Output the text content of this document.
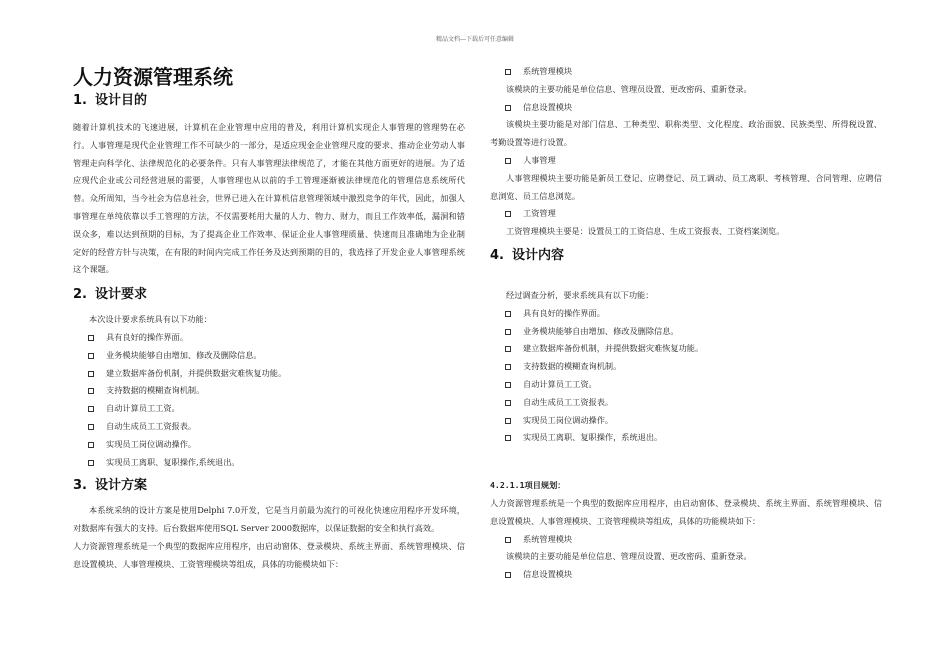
精品文档---下载后可任意编辑
人力资源管理系统
1. 设计目的
随着计算机技术的飞速进展，计算机在企业管理中应用的普及，利用计算机实现企人事管理的管理势在必行。人事管理是现代企业管理工作不可缺少的一部分，是适应现金企业管理尺度的要求、推动企业劳动人事管理走向科学化、法律规范化的必要条件。只有人事管理法律规范了，才能在其他方面更好的进展。为了适应现代企业或公司经营进展的需要，人事管理也从以前的手工管理逐渐被法律规范化的管理信息系统所代替。众所周知，当今社会为信息社会，世界已进入在计算机信息管理领域中激烈竞争的年代，因此，加强人事管理在单纯依靠以手工管理的方法，不仅需要耗用大量的人力、物力、财力，而且工作效率低，漏洞和错误众多，难以达到预期的目标，为了提高企业工作效率、保证企业人事管理质量、快速而且准确地为企业制定好的经营方针与决策，在有限的时间内完成工作任务及达到预期的目的，我选择了开发企业人事管理系统这个课题。
2. 设计要求
本次设计要求系统具有以下功能：
具有良好的操作界面。
业务模块能够自由增加、修改及删除信息。
建立数据库备份机制，并提供数据灾难恢复功能。
支持数据的模糊查询机制。
自动计算员工工资。
自动生成员工工资报表。
实现员工岗位调动操作。
实现员工离职、复职操作,系统退出。
3. 设计方案
本系统采纳的设计方案是使用Delphi 7.0开发，它是当月前最为流行的可视化快速应用程序开发环境，对数据库有强大的支持。后台数据库使用SQL Server 2000数据库，以保证数据的安全和执行高效。
人力资源管理系统是一个典型的数据库应用程序，由启动窗体、登录模块、系统主界面、系统管理模块、信息设置模块、人事管理模块、工资管理模块等组成，具体的功能模块如下：
系统管理模块
该模块的主要功能是单位信息、管理员设置、更改密码、重新登录。
信息设置模块
该模块主要功能是对部门信息、工种类型、职称类型、文化程度、政治面貌、民族类型、所得税设置、考勤设置等进行设置。
人事管理
人事管理模块主要功能是新员工登记、应聘登记、员工调动、员工离职、考核管理、合同管理、应聘信息浏览、员工信息浏览。
工资管理
工资管理模块主要是：设置员工的工资信息、生成工资报表、工资档案浏览。
4. 设计内容
经过调查分析，要求系统具有以下功能：
具有良好的操作界面。
业务模块能够自由增加、修改及删除信息。
建立数据库备份机制，并提供数据灾难恢复功能。
支持数据的模糊查询机制。
自动计算员工工资。
自动生成员工工资报表。
实现员工岗位调动操作。
实现员工离职、复职操作，系统退出。
4.2.1.1项目规划：
人力资源管理系统是一个典型的数据库应用程序，由启动窗体、登录模块、系统主界面、系统管理模块、信息设置模块、人事管理模块、工资管理模块等组成，具体的功能模块如下：
系统管理模块
该模块的主要功能是单位信息、管理员设置、更改密码、重新登录。
信息设置模块
